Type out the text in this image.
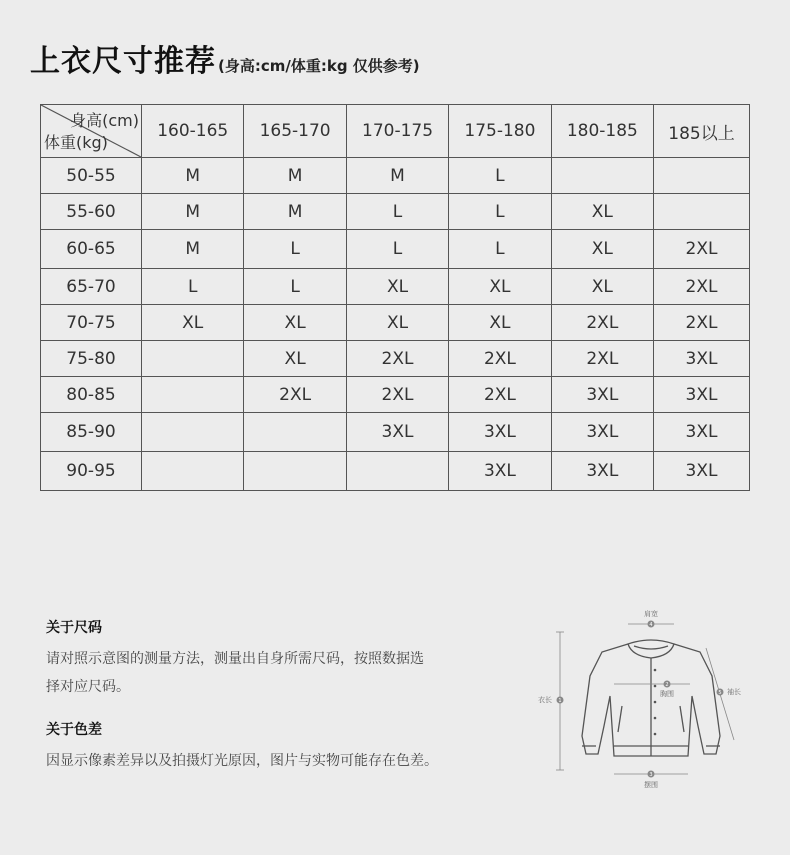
上衣尺寸推荐 (身高:cm/体重:kg 仅供参考)
身高(cm)
体重(kg)	160-165	165-170	170-175	175-180	180-185	185以上
50-55	M	M	M	L		
55-60	M	M	L	L	XL	
60-65	M	L	L	L	XL	2XL
65-70	L	L	XL	XL	XL	2XL
70-75	XL	XL	XL	XL	2XL	2XL
75-80		XL	2XL	2XL	2XL	3XL
80-85		2XL	2XL	2XL	3XL	3XL
85-90			3XL	3XL	3XL	3XL
90-95				3XL	3XL	3XL
关于尺码

请对照示意图的测量方法，测量出自身所需尺码，按照数据选

择对应尺码。

关于色差

因显示像素差异以及拍摄灯光原因，图片与实物可能存在色差。

4
1
2
5
3
肩宽
衣长
胸围	袖长
摆围
